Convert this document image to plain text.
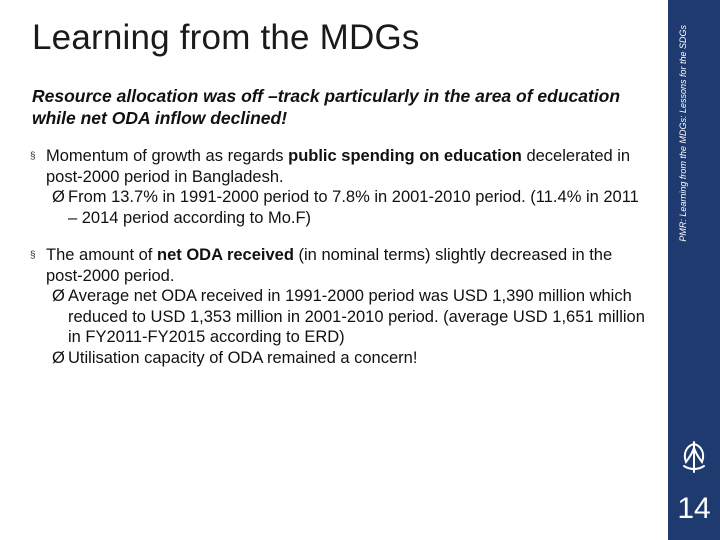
Learning from the MDGs
Resource allocation was off –track particularly in the area of education while net ODA inflow declined!
§ Momentum of growth as regards public spending on education decelerated in post-2000 period in Bangladesh.
Ø From 13.7% in 1991-2000 period to 7.8% in 2001-2010 period. (11.4% in 2011 – 2014 period according to Mo.F)
§ The amount of net ODA received (in nominal terms) slightly decreased in the post-2000 period.
Ø Average net ODA received in 1991-2000 period was USD 1,390 million which reduced to USD 1,353 million in 2001-2010 period. (average USD 1,651 million in FY2011-FY2015 according to ERD)
Ø Utilisation capacity of ODA remained a concern!
PMR: Learning from the MDGs: Lessons for the SDGs
14
